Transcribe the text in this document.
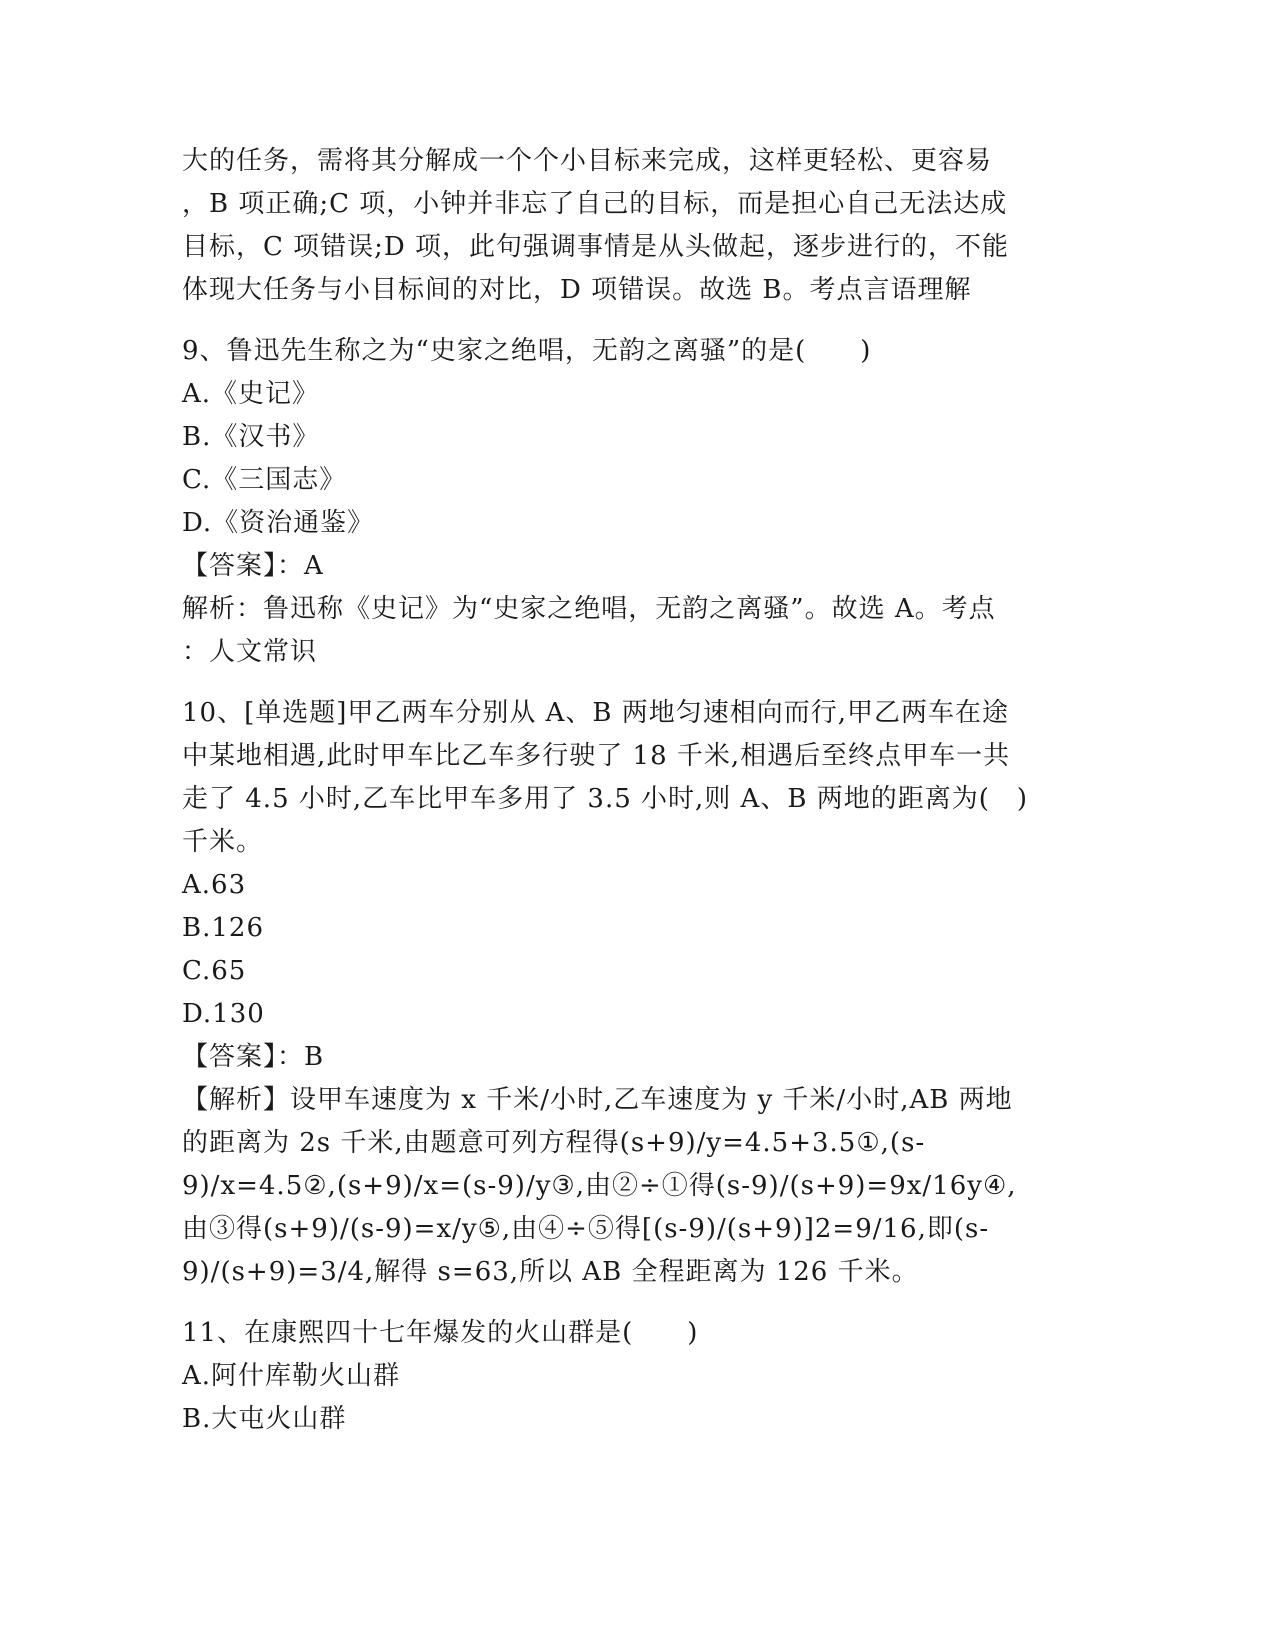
大的任务，需将其分解成一个个小目标来完成，这样更轻松、更容易
，B 项正确;C 项，小钟并非忘了自己的目标，而是担心自己无法达成
目标，C 项错误;D 项，此句强调事情是从头做起，逐步进行的，不能
体现大任务与小目标间的对比，D 项错误。故选 B。考点言语理解
9、鲁迅先生称之为“史家之绝唱，无韵之离骚”的是(　　)
A.《史记》
B.《汉书》
C.《三国志》
D.《资治通鉴》
【答案】：A
解析：鲁迅称《史记》为“史家之绝唱，无韵之离骚”。故选 A。考点
：人文常识
10、[单选题]甲乙两车分别从 A、B 两地匀速相向而行,甲乙两车在途
中某地相遇,此时甲车比乙车多行驶了 18 千米,相遇后至终点甲车一共
走了 4.5 小时,乙车比甲车多用了 3.5 小时,则 A、B 两地的距离为(　)
千米。
A.63
B.126
C.65
D.130
【答案】：B
【解析】设甲车速度为 x 千米/小时,乙车速度为 y 千米/小时,AB 两地
的距离为 2s 千米,由题意可列方程得(s+9)/y=4.5+3.5①,(s-
9)/x=4.5②,(s+9)/x=(s-9)/y③,由②÷①得(s-9)/(s+9)=9x/16y④,
由③得(s+9)/(s-9)=x/y⑤,由④÷⑤得[(s-9)/(s+9)]2=9/16,即(s-
9)/(s+9)=3/4,解得 s=63,所以 AB 全程距离为 126 千米。
11、在康熙四十七年爆发的火山群是(　　)
A.阿什库勒火山群
B.大屯火山群
